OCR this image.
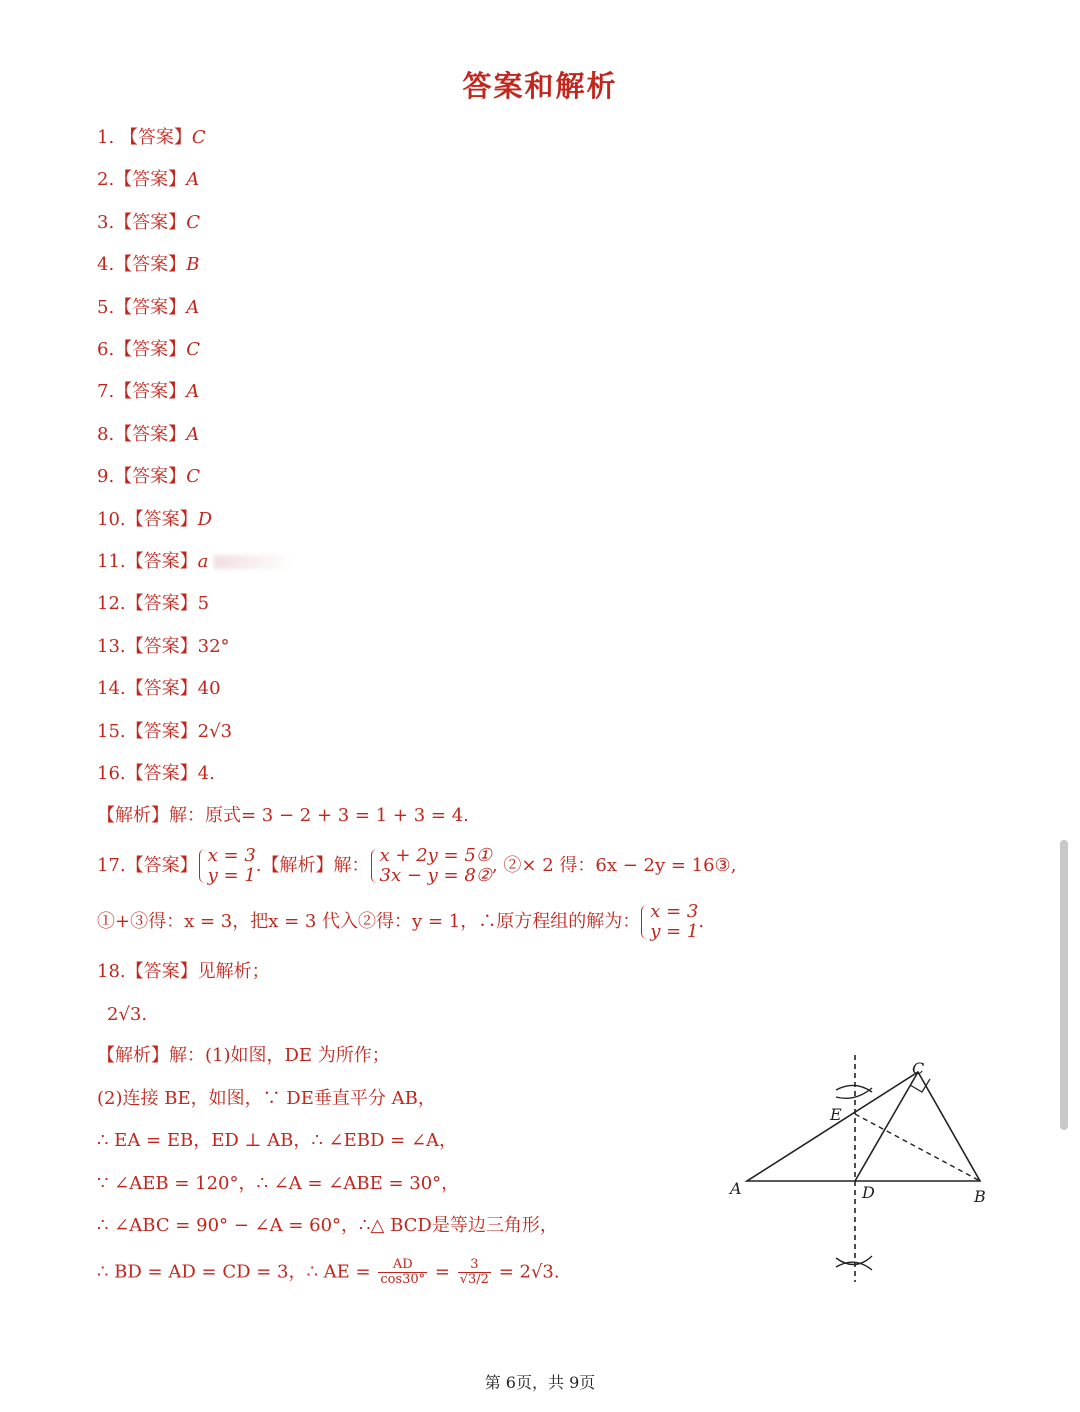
答案和解析
1. 【答案】C
2.【答案】A
3.【答案】C
4.【答案】B
5.【答案】A
6.【答案】C
7.【答案】A
8.【答案】A
9.【答案】C
10.【答案】D
11.【答案】a
12.【答案】5
13.【答案】32°
14.【答案】40
15.【答案】2√3
16.【答案】4.
【解析】解：原式= 3 − 2 + 3 = 1 + 3 = 4.
17.【答案】 x = 3
y = 1 .【解析】解： x + 2y = 5①
3x − y = 8② , ②× 2 得：6x − 2y = 16③,
①+③得：x = 3，把x = 3 代入②得：y = 1，∴原方程组的解为： x = 3
y = 1 .
18.【答案】见解析；
2√3.
【解析】解：(1)如图，DE 为所作；
(2)连接 BE，如图，∵ DE垂直平分 AB，
∴ EA = EB，ED ⊥ AB，∴ ∠EBD = ∠A，
∵ ∠AEB = 120°，∴ ∠A = ∠ABE = 30°，
∴ ∠ABC = 90° − ∠A = 60°，∴△ BCD是等边三角形，
∴ BD = AD = CD = 3，∴ AE = $\frac{AD}{\cos 30^\circ} = \frac{3}{√3/2} = 2√3$.
A	B
C
D
E
第 6页，共 9页
